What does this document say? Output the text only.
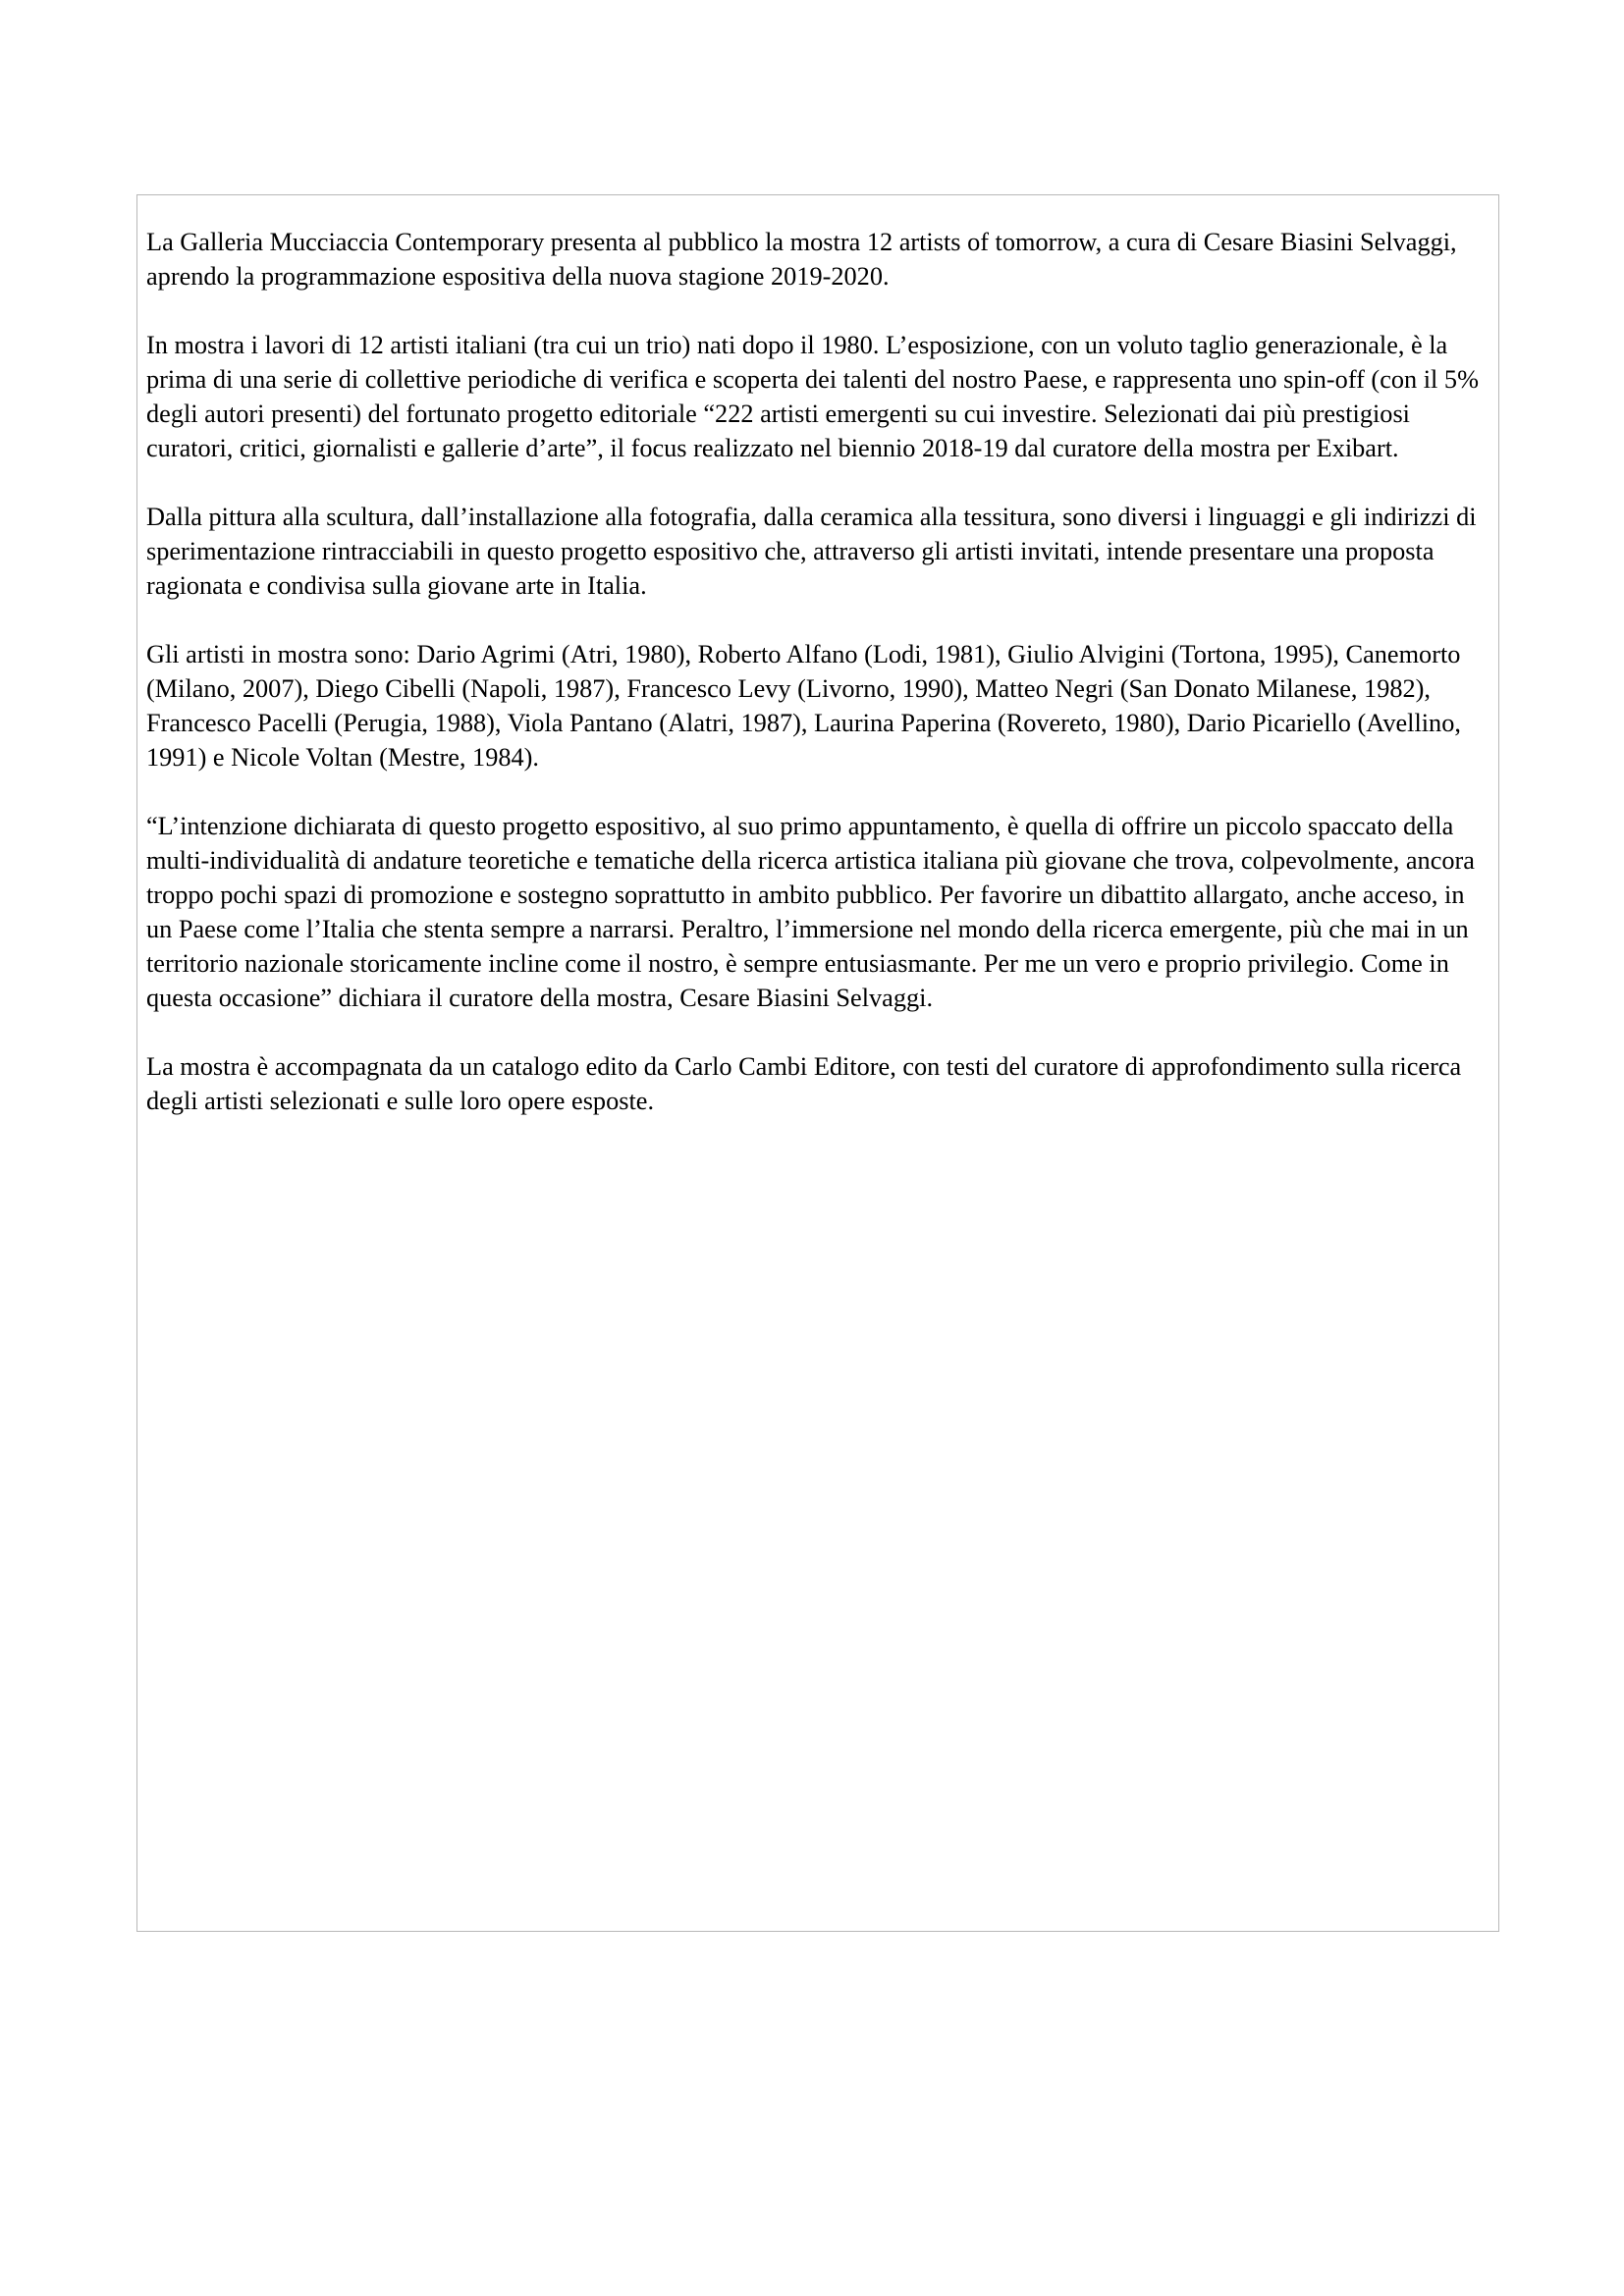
La Galleria Mucciaccia Contemporary presenta al pubblico la mostra 12 artists of tomorrow, a cura di Cesare Biasini Selvaggi, aprendo la programmazione espositiva della nuova stagione 2019-2020.

In mostra i lavori di 12 artisti italiani (tra cui un trio) nati dopo il 1980. L’esposizione, con un voluto taglio generazionale, è la prima di una serie di collettive periodiche di verifica e scoperta dei talenti del nostro Paese, e rappresenta uno spin-off (con il 5% degli autori presenti) del fortunato progetto editoriale “222 artisti emergenti su cui investire. Selezionati dai più prestigiosi curatori, critici, giornalisti e gallerie d’arte”, il focus realizzato nel biennio 2018-19 dal curatore della mostra per Exibart.

Dalla pittura alla scultura, dall’installazione alla fotografia, dalla ceramica alla tessitura, sono diversi i linguaggi e gli indirizzi di sperimentazione rintracciabili in questo progetto espositivo che, attraverso gli artisti invitati, intende presentare una proposta ragionata e condivisa sulla giovane arte in Italia.

Gli artisti in mostra sono: Dario Agrimi (Atri, 1980), Roberto Alfano (Lodi, 1981), Giulio Alvigini (Tortona, 1995), Canemorto (Milano, 2007), Diego Cibelli (Napoli, 1987), Francesco Levy (Livorno, 1990), Matteo Negri (San Donato Milanese, 1982), Francesco Pacelli (Perugia, 1988), Viola Pantano (Alatri, 1987), Laurina Paperina (Rovereto, 1980), Dario Picariello (Avellino, 1991) e Nicole Voltan (Mestre, 1984).

“L’intenzione dichiarata di questo progetto espositivo, al suo primo appuntamento, è quella di offrire un piccolo spaccato della multi-individualità di andature teoretiche e tematiche della ricerca artistica italiana più giovane che trova, colpevolmente, ancora troppo pochi spazi di promozione e sostegno soprattutto in ambito pubblico. Per favorire un dibattito allargato, anche acceso, in un Paese come l’Italia che stenta sempre a narrarsi. Peraltro, l’immersione nel mondo della ricerca emergente, più che mai in un territorio nazionale storicamente incline come il nostro, è sempre entusiasmante. Per me un vero e proprio privilegio. Come in questa occasione” dichiara il curatore della mostra, Cesare Biasini Selvaggi.

La mostra è accompagnata da un catalogo edito da Carlo Cambi Editore, con testi del curatore di approfondimento sulla ricerca degli artisti selezionati e sulle loro opere esposte.
